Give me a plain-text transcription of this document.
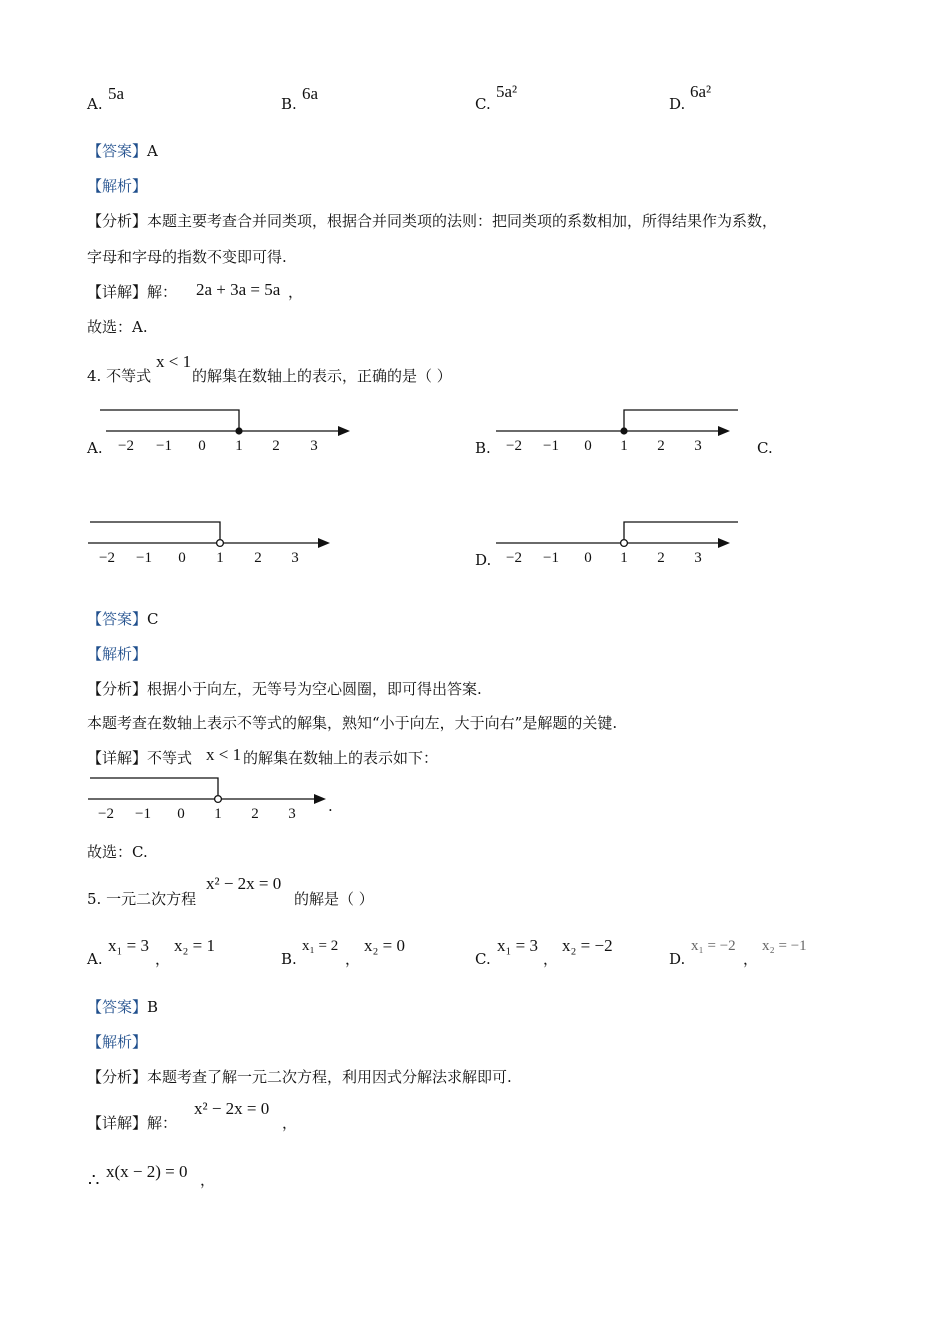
A.
5a
B.
6a
C.
5a²
D.
6a²
【答案】A
【解析】
【分析】本题主要考查合并同类项，根据合并同类项的法则：把同类项的系数相加，所得结果作为系数，
字母和字母的指数不变即可得.
【详解】解： 2a + 3a = 5a ，
故选：A.
4. 不等式
x < 1
的解集在数轴上的表示，正确的是（ ）
A. −2 −1 0 1 2 3	B. −2 −1 0 1 2 3	C.
−2 −1 0 1 2 3	D. −2 −1 0 1 2 3
【答案】C
【解析】
【分析】根据小于向左，无等号为空心圆圈，即可得出答案.
本题考查在数轴上表示不等式的解集，熟知“小于向左，大于向右”是解题的关键.
【详解】不等式 x < 1 的解集在数轴上的表示如下：
−2 −1 0 1 2 3 .
故选：C.
5. 一元二次方程
x² − 2x = 0
的解是（ ）
A.
x₁ = 3
，
x₂ = 1
B.
x₁ = 2
，
x₂ = 0
C.
x₁ = 3
，
x₂ = −2
D.
x₁ = −2
，
x₂ = −1
【答案】B
【解析】
【分析】本题考查了解一元二次方程，利用因式分解法求解即可.
【详解】解：
x² − 2x = 0
，
∴ x(x − 2) = 0 ，
